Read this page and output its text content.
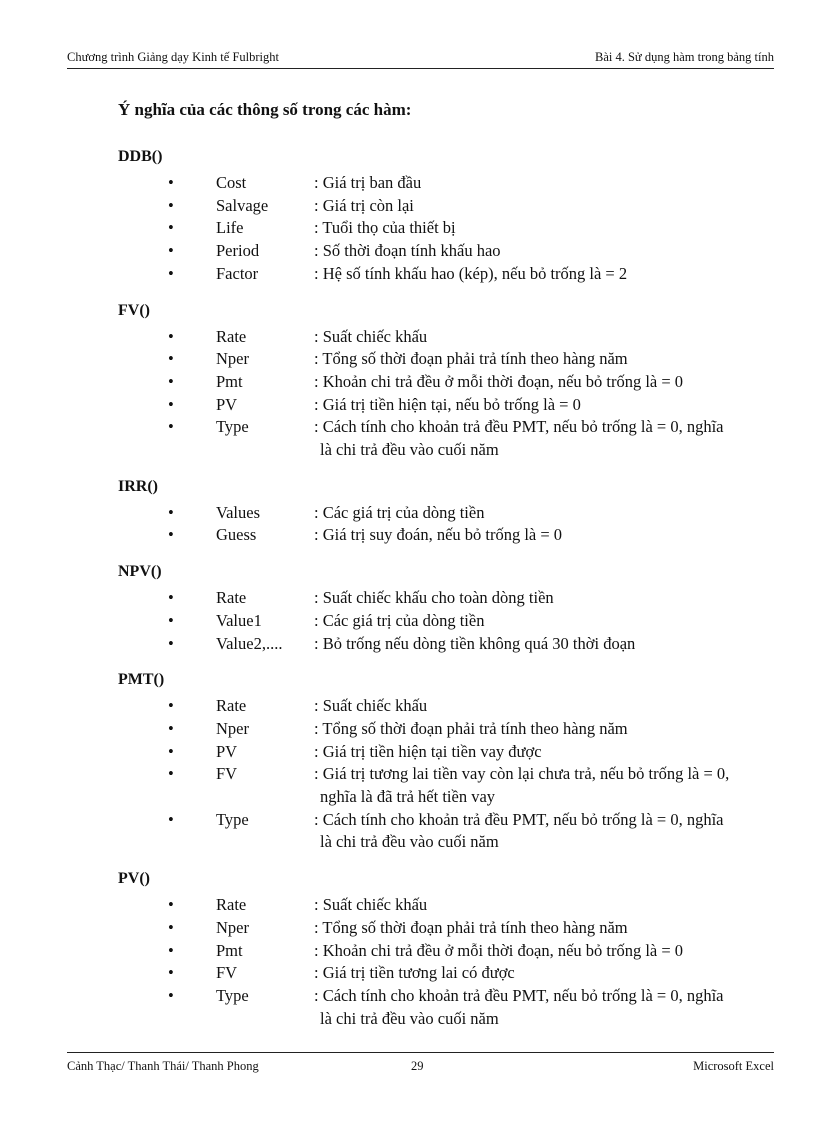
Chương trình Giảng dạy Kinh tế Fulbright	Bài 4. Sử dụng hàm trong bảng tính
Ý nghĩa của các thông số trong các hàm:
DDB()
•
Cost	: Giá trị ban đầu
•
Salvage	: Giá trị còn lại
•
Life	: Tuổi thọ của thiết bị
•
Period	: Số thời đoạn tính khấu hao
•
Factor	: Hệ số tính khấu hao (kép), nếu bỏ trống là = 2
FV()
•
Rate	: Suất chiếc khấu
•
Nper	: Tổng số thời đoạn phải trả tính theo hàng năm
•
Pmt	: Khoản chi trả đều ở mỗi thời đoạn, nếu bỏ trống là = 0
•
PV	: Giá trị tiền hiện tại, nếu bỏ trống là = 0
•
Type	: Cách tính cho khoản trả đều PMT, nếu bỏ trống là = 0, nghĩa là chi trả đều vào cuối năm
IRR()
•
Values	: Các giá trị của dòng tiền
•
Guess	: Giá trị suy đoán, nếu bỏ trống là = 0
NPV()
•
Rate	: Suất chiếc khấu cho toàn dòng tiền
•
Value1	: Các giá trị của dòng tiền
•
Value2,....	: Bỏ trống nếu dòng tiền không quá 30 thời đoạn
PMT()
•
Rate	: Suất chiếc khấu
•
Nper	: Tổng số thời đoạn phải trả tính theo hàng năm
•
PV	: Giá trị tiền hiện tại tiền vay được
•
FV	: Giá trị tương lai tiền vay còn lại chưa trả, nếu bỏ trống là = 0, nghĩa là đã trả hết tiền vay
•
Type	: Cách tính cho khoản trả đều PMT, nếu bỏ trống là = 0, nghĩa là chi trả đều vào cuối năm
PV()
•
Rate	: Suất chiếc khấu
•
Nper	: Tổng số thời đoạn phải trả tính theo hàng năm
•
Pmt	: Khoản chi trả đều ở mỗi thời đoạn, nếu bỏ trống là = 0
•
FV	: Giá trị tiền tương lai có được
•
Type	: Cách tính cho khoản trả đều PMT, nếu bỏ trống là = 0, nghĩa là chi trả đều vào cuối năm
Cảnh Thạc/ Thanh Thái/ Thanh Phong	29	Microsoft Excel
